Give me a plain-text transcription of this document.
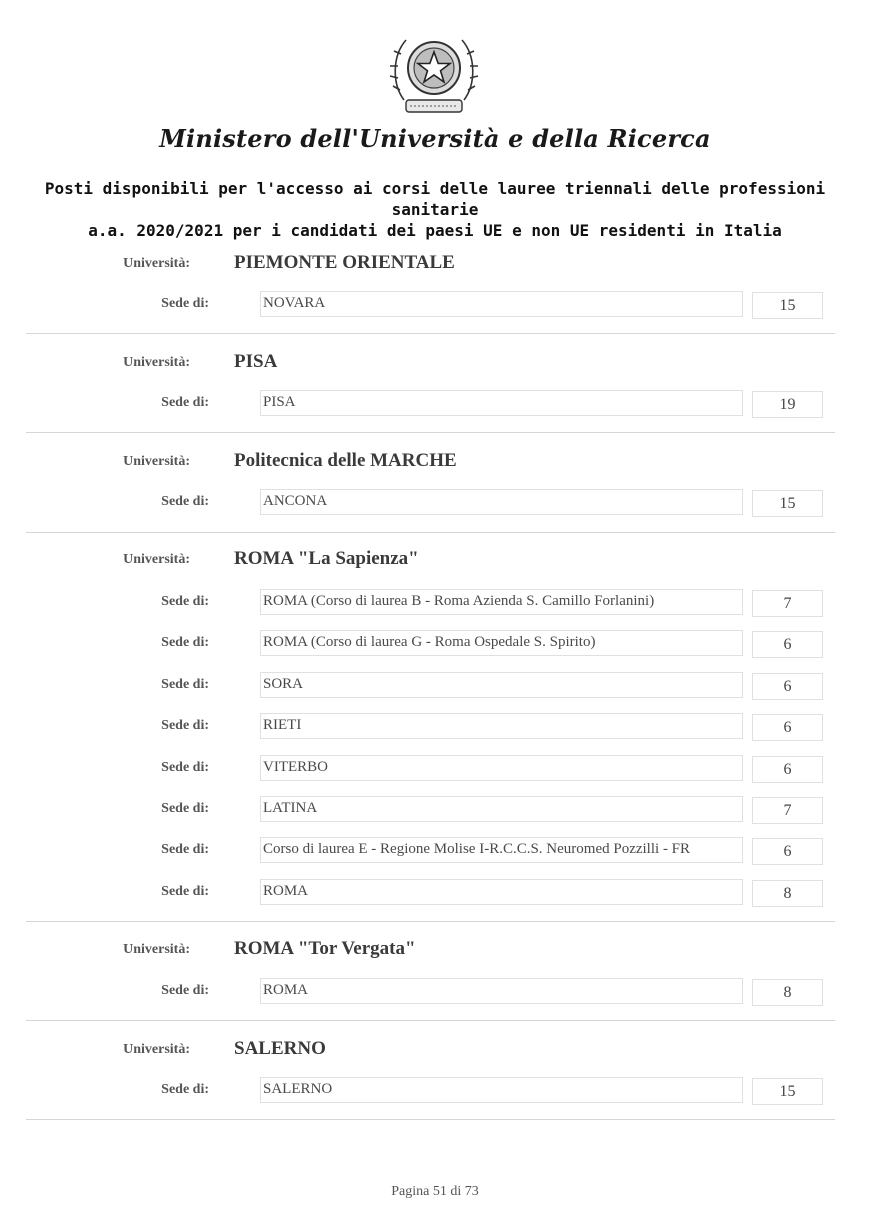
Ministero dell'Università e della Ricerca
Posti disponibili per l'accesso ai corsi delle lauree triennali delle professioni sanitarie
a.a. 2020/2021 per i candidati dei paesi UE e non UE residenti in Italia
Università: PIEMONTE ORIENTALE
Sede di:	NOVARA	15
Università: PISA
Sede di:	PISA	19
Università: Politecnica delle MARCHE
Sede di:	ANCONA	15
Università: ROMA "La Sapienza"
Sede di:	ROMA (Corso di laurea B - Roma Azienda S. Camillo Forlanini)	7
Sede di:	ROMA (Corso di laurea G - Roma Ospedale S. Spirito)	6
Sede di:	SORA	6
Sede di:	RIETI	6
Sede di:	VITERBO	6
Sede di:	LATINA	7
Sede di:	Corso di laurea E - Regione Molise I-R.C.C.S. Neuromed Pozzilli - FR	6
Sede di:	ROMA	8
Università: ROMA "Tor Vergata"
Sede di:	ROMA	8
Università: SALERNO
Sede di:	SALERNO	15
Pagina 51 di 73
